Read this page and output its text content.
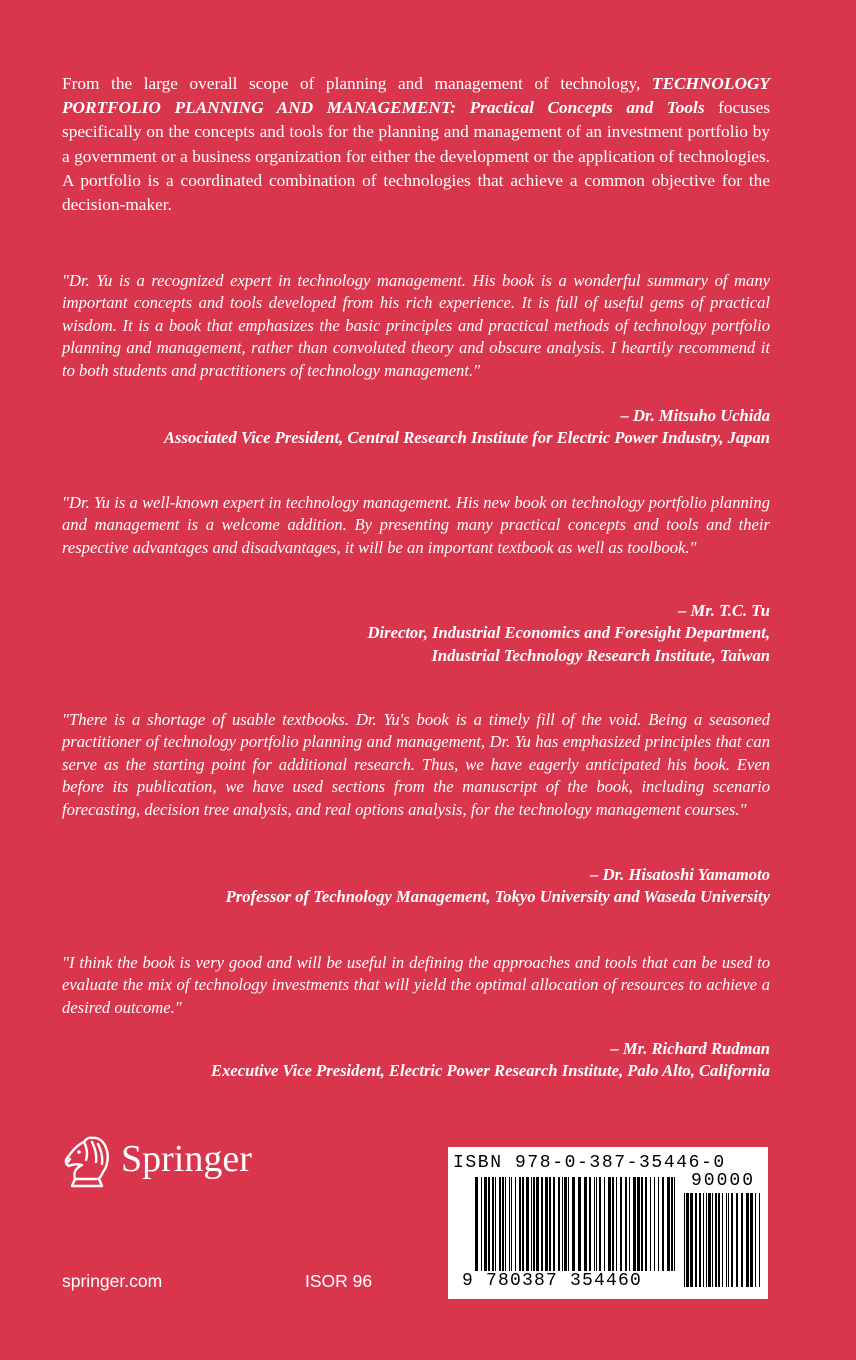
From the large overall scope of planning and management of technology, TECHNOLOGY PORTFOLIO PLANNING AND MANAGEMENT: Practical Concepts and Tools focuses specifically on the concepts and tools for the planning and management of an investment portfolio by a government or a business organization for either the development or the application of technologies. A portfolio is a coordinated combination of technologies that achieve a common objective for the decision-maker.

"Dr. Yu is a recognized expert in technology management. His book is a wonderful summary of many important concepts and tools developed from his rich experience. It is full of useful gems of practical wisdom. It is a book that emphasizes the basic principles and practical methods of technology portfolio planning and management, rather than convoluted theory and obscure analysis. I heartily recommend it to both students and practitioners of technology management."

– Dr. Mitsuho Uchida
Associated Vice President, Central Research Institute for Electric Power Industry, Japan

"Dr. Yu is a well-known expert in technology management. His new book on technology portfolio planning and management is a welcome addition. By presenting many practical concepts and tools and their respective advantages and disadvantages, it will be an important textbook as well as toolbook."

– Mr. T.C. Tu
Director, Industrial Economics and Foresight Department,
Industrial Technology Research Institute, Taiwan

"There is a shortage of usable textbooks. Dr. Yu's book is a timely fill of the void. Being a seasoned practitioner of technology portfolio planning and management, Dr. Yu has emphasized principles that can serve as the starting point for additional research. Thus, we have eagerly anticipated his book. Even before its publication, we have used sections from the manuscript of the book, including scenario forecasting, decision tree analysis, and real options analysis, for the technology management courses."

– Dr. Hisatoshi Yamamoto
Professor of Technology Management, Tokyo University and Waseda University

"I think the book is very good and will be useful in defining the approaches and tools that can be used to evaluate the mix of technology investments that will yield the optimal allocation of resources to achieve a desired outcome."

– Mr. Richard Rudman
Executive Vice President, Electric Power Research Institute, Palo Alto, California
Springer
springer.com	ISOR 96
ISBN 978-0-387-35446-0
90000
9 780387 354460
